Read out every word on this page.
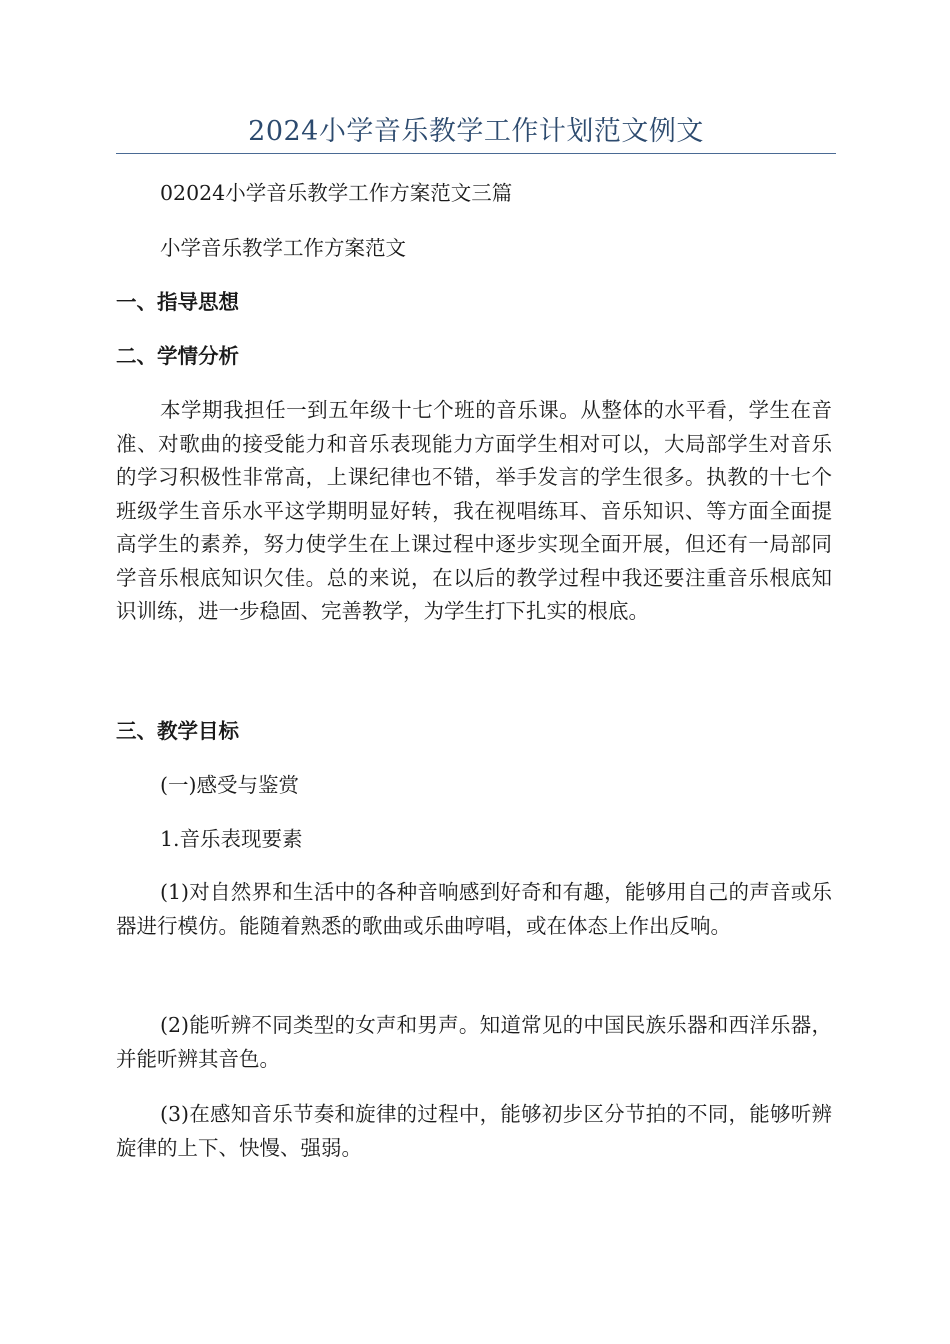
2024小学音乐教学工作计划范文例文

02024小学音乐教学工作方案范文三篇

小学音乐教学工作方案范文

一、指导思想
二、学情分析

本学期我担任一到五年级十七个班的音乐课。从整体的水平看，学生在音准、对歌曲的接受能力和音乐表现能力方面学生相对可以，大局部学生对音乐的学习积极性非常高，上课纪律也不错，举手发言的学生很多。执教的十七个班级学生音乐水平这学期明显好转，我在视唱练耳、音乐知识、等方面全面提高学生的素养，努力使学生在上课过程中逐步实现全面开展，但还有一局部同学音乐根底知识欠佳。总的来说，在以后的教学过程中我还要注重音乐根底知识训练，进一步稳固、完善教学，为学生打下扎实的根底。

三、教学目标

(一)感受与鉴赏

1.音乐表现要素

(1)对自然界和生活中的各种音响感到好奇和有趣，能够用自己的声音或乐器进行模仿。能随着熟悉的歌曲或乐曲哼唱，或在体态上作出反响。

(2)能听辨不同类型的女声和男声。知道常见的中国民族乐器和西洋乐器，并能听辨其音色。

(3)在感知音乐节奏和旋律的过程中，能够初步区分节拍的不同，能够听辨旋律的上下、快慢、强弱。
